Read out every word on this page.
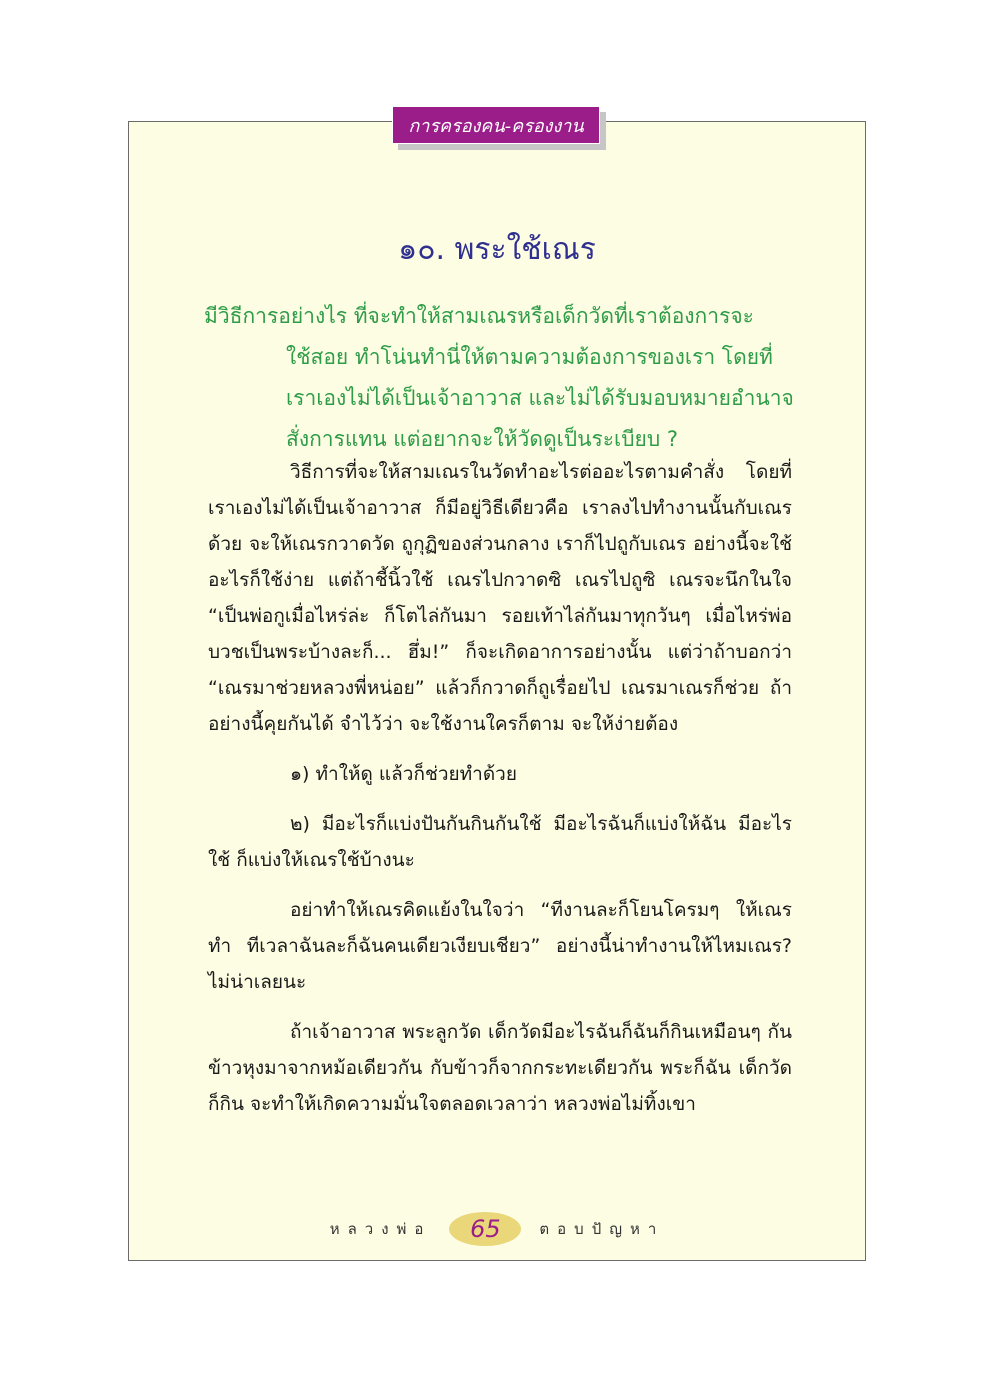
การครองคน-ครองงาน
๑๐. พระใช้เณร
มีวิธีการอย่างไร ที่จะทำให้สามเณรหรือเด็กวัดที่เราต้องการจะ
ใช้สอย ทำโน่นทำนี่ให้ตามความต้องการของเรา โดยที่เราเองไม่ได้เป็นเจ้าอาวาส และไม่ได้รับมอบหมายอำนาจสั่งการแทน แต่อยากจะให้วัดดูเป็นระเบียบ ?

วิธีการที่จะให้สามเณรในวัดทำอะไรต่ออะไรตามคำสั่ง โดยที่เราเองไม่ได้เป็นเจ้าอาวาส ก็มีอยู่วิธีเดียวคือ เราลงไปทำงานนั้นกับเณรด้วย จะให้เณรกวาดวัด ถูกุฏิของส่วนกลาง เราก็ไปถูกับเณร อย่างนี้จะใช้อะไรก็ใช้ง่าย แต่ถ้าชี้นิ้วใช้ เณรไปกวาดซิ เณรไปถูซิ เณรจะนึกในใจ “เป็นพ่อกูเมื่อไหร่ล่ะ ก็โตไล่กันมา รอยเท้าไล่กันมาทุกวันๆ เมื่อไหร่พ่อบวชเป็นพระบ้างละก็... ฮึ่ม!” ก็จะเกิดอาการอย่างนั้น แต่ว่าถ้าบอกว่า “เณรมาช่วยหลวงพี่หน่อย” แล้วก็กวาดก็ถูเรื่อยไป เณรมาเณรก็ช่วย ถ้าอย่างนี้คุยกันได้ จำไว้ว่า จะใช้งานใครก็ตาม จะให้ง่ายต้อง

๑) ทำให้ดู แล้วก็ช่วยทำด้วย

๒) มีอะไรก็แบ่งปันกันกินกันใช้ มีอะไรฉันก็แบ่งให้ฉัน มีอะไรใช้ ก็แบ่งให้เณรใช้บ้างนะ

อย่าทำให้เณรคิดแย้งในใจว่า “ทีงานละก็โยนโครมๆ ให้เณรทำ ทีเวลาฉันละก็ฉันคนเดียวเงียบเชียว” อย่างนี้น่าทำงานให้ไหมเณร? ไม่น่าเลยนะ

ถ้าเจ้าอาวาส พระลูกวัด เด็กวัดมีอะไรฉันก็ฉันก็กินเหมือนๆ กัน ข้าวหุงมาจากหม้อเดียวกัน กับข้าวก็จากกระทะเดียวกัน พระก็ฉัน เด็กวัดก็กิน จะทำให้เกิดความมั่นใจตลอดเวลาว่า หลวงพ่อไม่ทิ้งเขา

หลวงพ่อ	65	ตอบปัญหา
